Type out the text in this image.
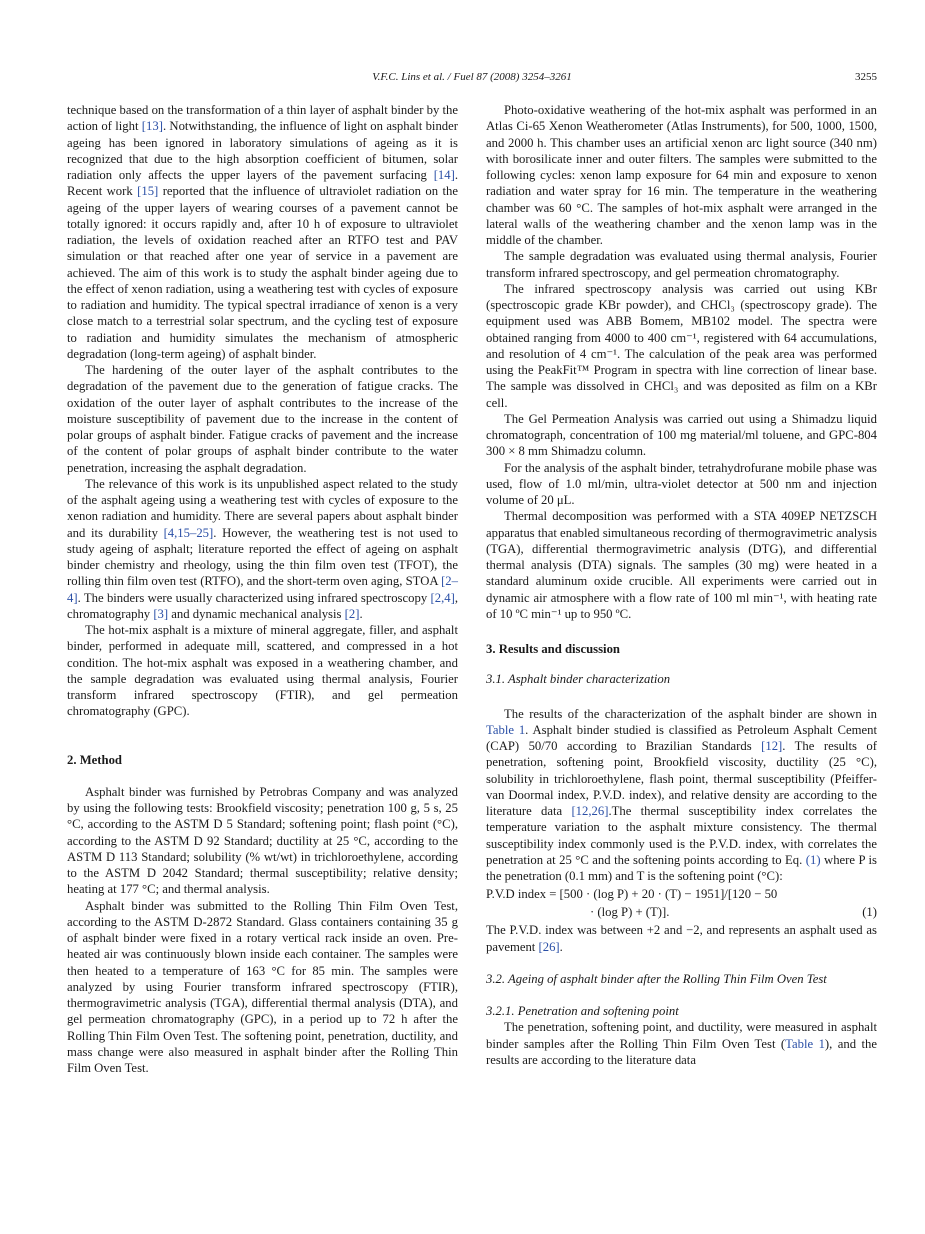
V.F.C. Lins et al. / Fuel 87 (2008) 3254–3261	3255

technique based on the transformation of a thin layer of asphalt binder by the action of light [13]. Notwithstanding, the influence of light on asphalt binder ageing has been ignored in laboratory simulations of ageing as it is recognized that due to the high absorption coefficient of bitumen, solar radiation only affects the upper layers of the pavement surfacing [14]. Recent work [15] reported that the influence of ultraviolet radiation on the ageing of the upper layers of wearing courses of a pavement cannot be totally ignored: it occurs rapidly and, after 10 h of exposure to ultraviolet radiation, the levels of oxidation reached after an RTFO test and PAV simulation or that reached after one year of service in a pavement are achieved. The aim of this work is to study the asphalt binder ageing due to the effect of xenon radiation, using a weathering test with cycles of exposure to radiation and humidity. The typical spectral irradiance of xenon is a very close match to a terrestrial solar spectrum, and the cycling test of exposure to radiation and humidity simulates the mechanism of atmospheric degradation (long-term ageing) of asphalt binder.

The hardening of the outer layer of the asphalt contributes to the degradation of the pavement due to the generation of fatigue cracks. The oxidation of the outer layer of asphalt contributes to the increase of the moisture susceptibility of pavement due to the increase in the content of polar groups of asphalt binder. Fatigue cracks of pavement and the increase of the content of polar groups of asphalt binder contribute to the water penetration, increasing the asphalt degradation.

The relevance of this work is its unpublished aspect related to the study of the asphalt ageing using a weathering test with cycles of exposure to the xenon radiation and humidity. There are several papers about asphalt binder and its durability [4,15–25]. However, the weathering test is not used to study ageing of asphalt; literature reported the effect of ageing on asphalt binder chemistry and rheology, using the thin film oven test (TFOT), the rolling thin film oven test (RTFO), and the short-term oven aging, STOA [2–4]. The binders were usually characterized using infrared spectroscopy [2,4], chromatography [3] and dynamic mechanical analysis [2].

The hot-mix asphalt is a mixture of mineral aggregate, filler, and asphalt binder, performed in adequate mill, scattered, and compressed in a hot condition. The hot-mix asphalt was exposed in a weathering chamber, and the sample degradation was evaluated using thermal analysis, Fourier transform infrared spectroscopy (FTIR), and gel permeation chromatography (GPC).

2. Method

Asphalt binder was furnished by Petrobras Company and was analyzed by using the following tests: Brookfield viscosity; penetration 100 g, 5 s, 25 °C, according to the ASTM D 5 Standard; softening point; flash point (°C), according to the ASTM D 92 Standard; ductility at 25 °C, according to the ASTM D 113 Standard; solubility (% wt/wt) in trichloroethylene, according to the ASTM D 2042 Standard; thermal susceptibility; relative density; heating at 177 °C; and thermal analysis.

Asphalt binder was submitted to the Rolling Thin Film Oven Test, according to the ASTM D-2872 Standard. Glass containers containing 35 g of asphalt binder were fixed in a rotary vertical rack inside an oven. Pre-heated air was continuously blown inside each container. The samples were then heated to a temperature of 163 °C for 85 min. The samples were analyzed by using Fourier transform infrared spectroscopy (FTIR), thermogravimetric analysis (TGA), differential thermal analysis (DTA), and gel permeation chromatography (GPC), in a period up to 72 h after the Rolling Thin Film Oven Test. The softening point, penetration, ductility, and mass change were also measured in asphalt binder after the Rolling Thin Film Oven Test.

Photo-oxidative weathering of the hot-mix asphalt was performed in an Atlas Ci-65 Xenon Weatherometer (Atlas Instruments), for 500, 1000, 1500, and 2000 h. This chamber uses an artificial xenon arc light source (340 nm) with borosilicate inner and outer filters. The samples were submitted to the following cycles: xenon lamp exposure for 64 min and exposure to xenon radiation and water spray for 16 min. The temperature in the weathering chamber was 60 °C. The samples of hot-mix asphalt were arranged in the lateral walls of the weathering chamber and the xenon lamp was in the middle of the chamber.

The sample degradation was evaluated using thermal analysis, Fourier transform infrared spectroscopy, and gel permeation chromatography.

The infrared spectroscopy analysis was carried out using KBr (spectroscopic grade KBr powder), and CHCl₃ (spectroscopy grade). The equipment used was ABB Bomem, MB102 model. The spectra were obtained ranging from 4000 to 400 cm⁻¹, registered with 64 accumulations, and resolution of 4 cm⁻¹. The calculation of the peak area was performed using the PeakFit™ Program in spectra with line correction of linear base. The sample was dissolved in CHCl₃ and was deposited as film on a KBr cell.

The Gel Permeation Analysis was carried out using a Shimadzu liquid chromatograph, concentration of 100 mg material/ml toluene, and GPC-804 300 × 8 mm Shimadzu column.

For the analysis of the asphalt binder, tetrahydrofurane mobile phase was used, flow of 1.0 ml/min, ultra-violet detector at 500 nm and injection volume of 20 μL.

Thermal decomposition was performed with a STA 409EP NETZSCH apparatus that enabled simultaneous recording of thermogravimetric analysis (TGA), differential thermogravimetric analysis (DTG), and differential thermal analysis (DTA) signals. The samples (30 mg) were heated in a standard aluminum oxide crucible. All experiments were carried out in dynamic air atmosphere with a flow rate of 100 ml min⁻¹, with heating rate of 10 ºC min⁻¹ up to 950 ºC.

3. Results and discussion
3.1. Asphalt binder characterization

The results of the characterization of the asphalt binder are shown in Table 1. Asphalt binder studied is classified as Petroleum Asphalt Cement (CAP) 50/70 according to Brazilian Standards [12]. The results of penetration, softening point, Brookfield viscosity, ductility (25 °C), solubility in trichloroethylene, flash point, thermal susceptibility (Pfeiffer-van Doormal index, P.V.D. index), and relative density are according to the literature data [12,26].The thermal susceptibility index correlates the temperature variation to the asphalt mixture consistency. The thermal susceptibility index commonly used is the P.V.D. index, with correlates the penetration at 25 °C and the softening points according to Eq. (1) where P is the penetration (0.1 mm) and T is the softening point (°C):

P.V.D index = [500 · (log P) + 20 · (T) − 1951]/[120 − 50
· (log P) + (T)].	(1)

The P.V.D. index was between +2 and −2, and represents an asphalt used as pavement [26].

3.2. Ageing of asphalt binder after the Rolling Thin Film Oven Test
3.2.1. Penetration and softening point

The penetration, softening point, and ductility, were measured in asphalt binder samples after the Rolling Thin Film Oven Test (Table 1), and the results are according to the literature data
